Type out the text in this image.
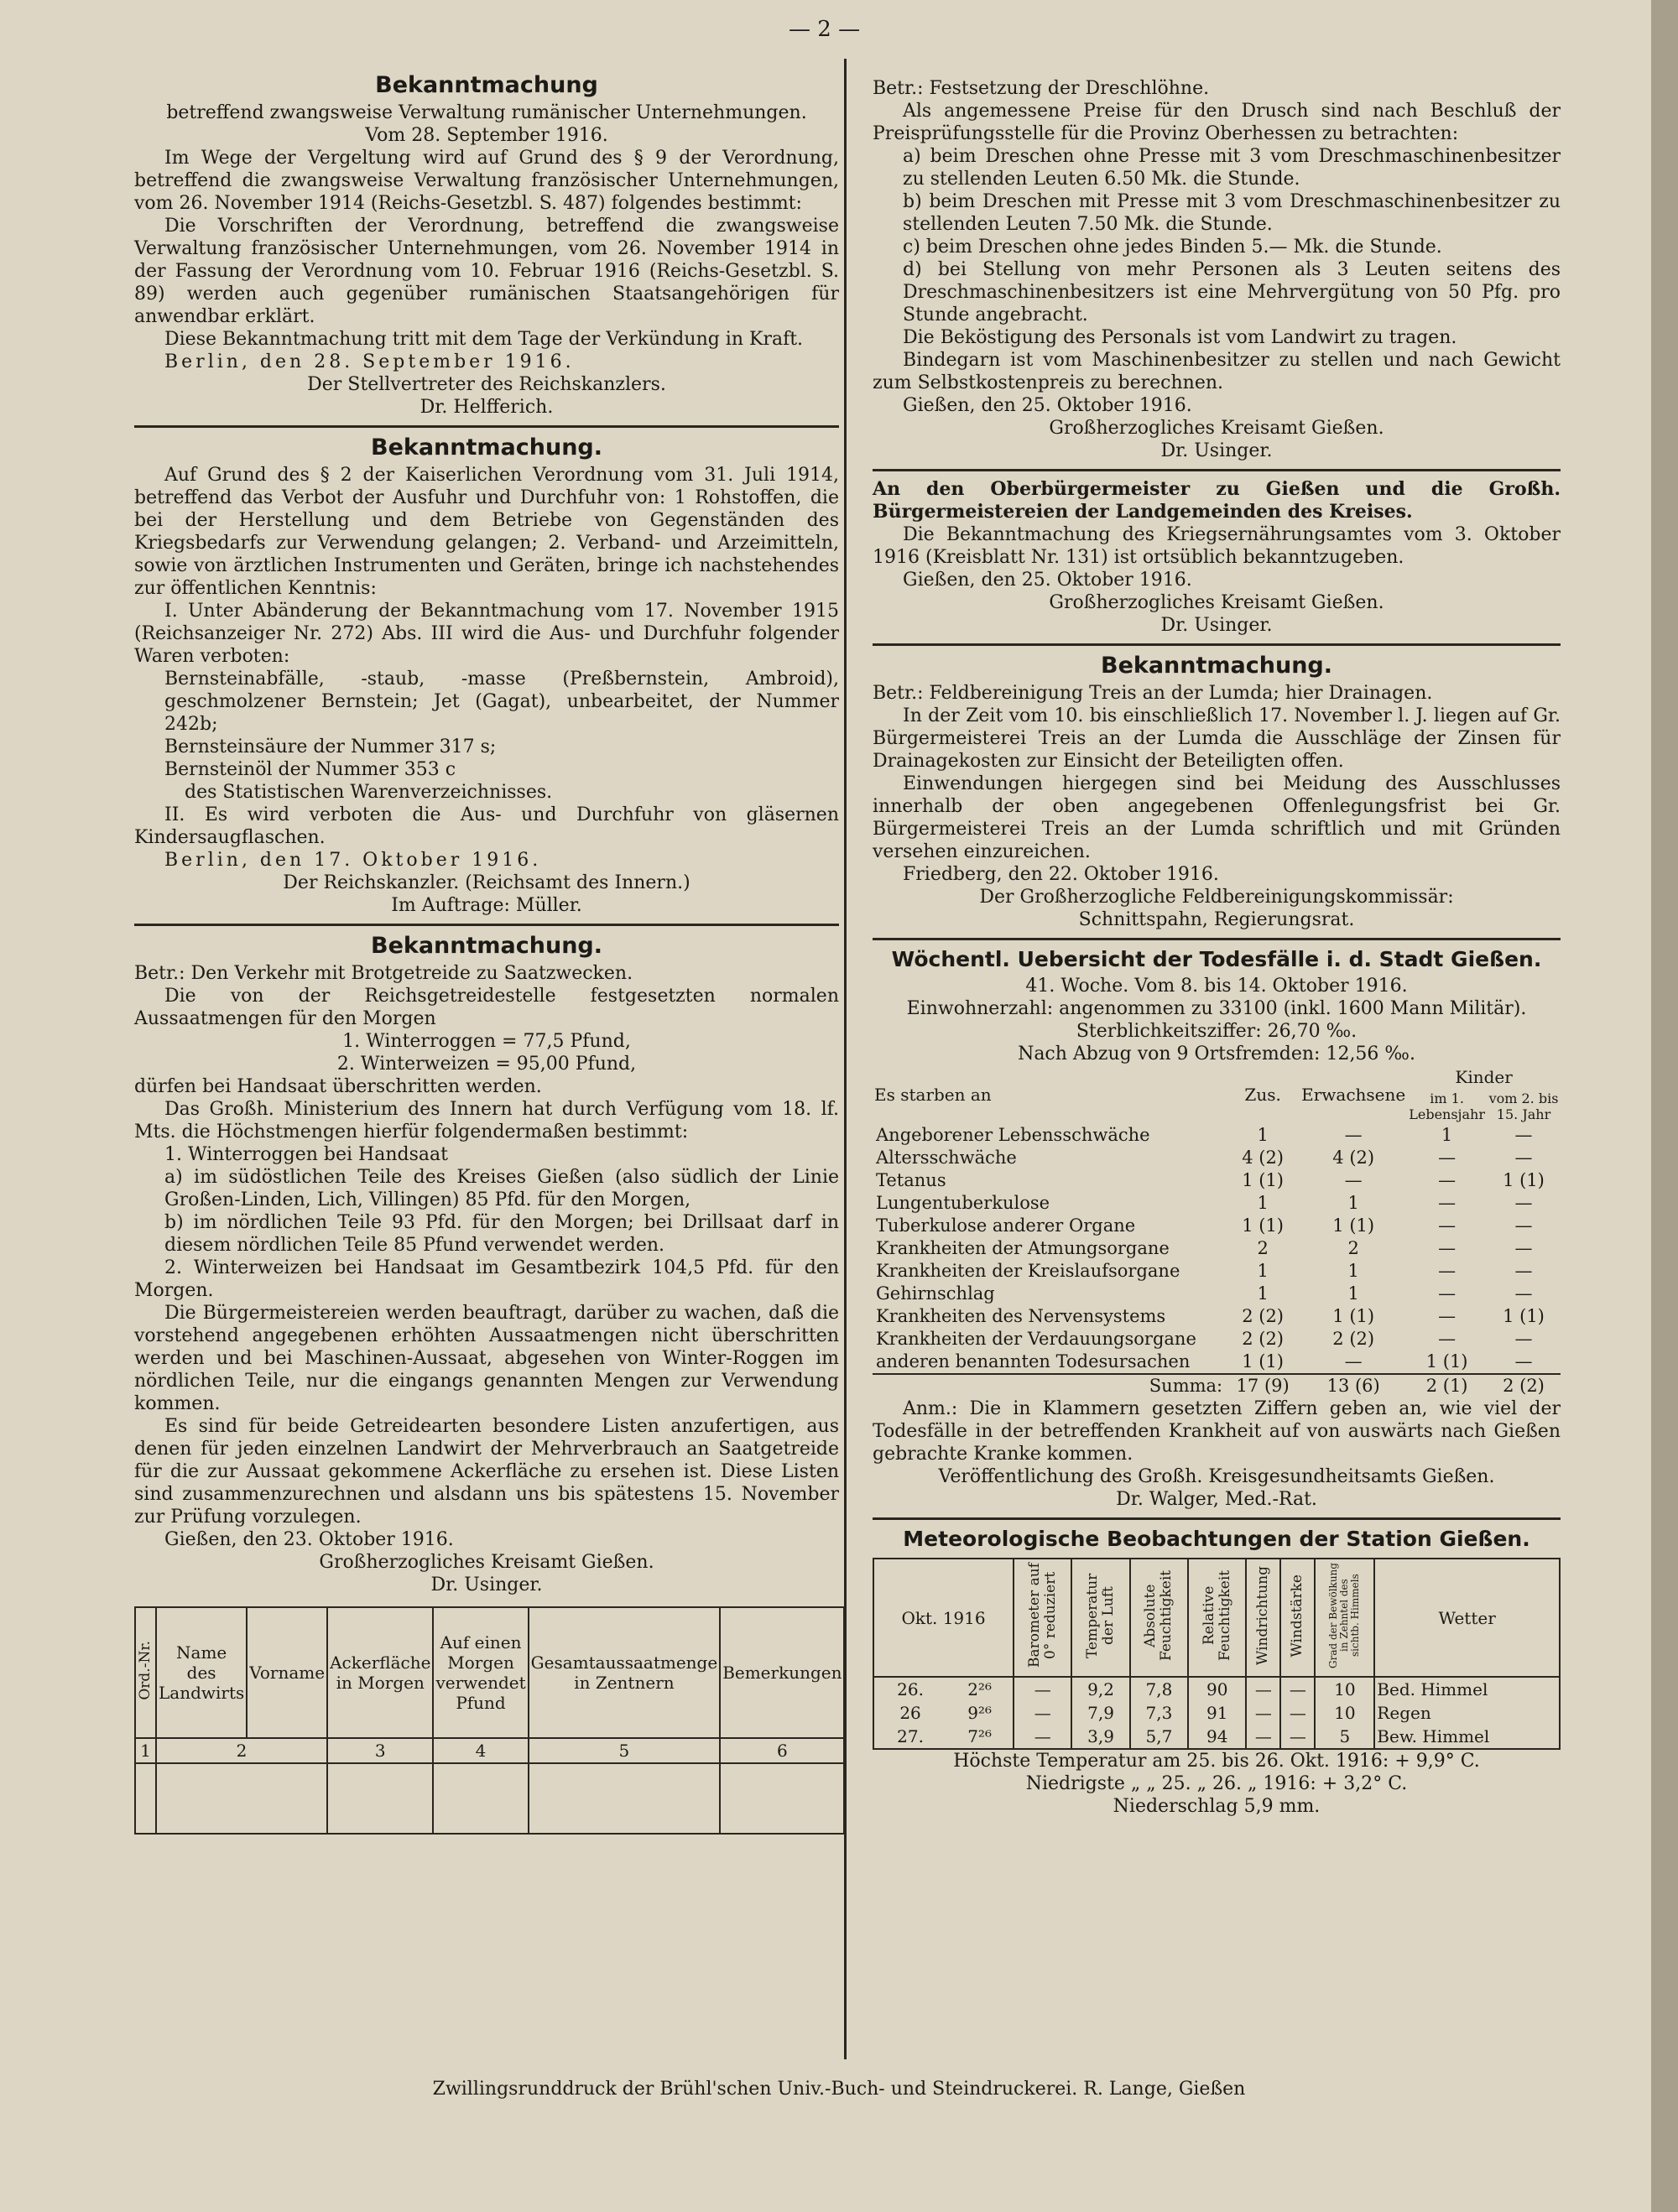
— 2 —
Bekanntmachung
betreffend zwangsweise Verwaltung rumänischer Unternehmungen.
Vom 28. September 1916.

Im Wege der Vergeltung wird auf Grund des § 9 der Verordnung, betreffend die zwangsweise Verwaltung französischer Unternehmungen, vom 26. November 1914 (Reichs-Gesetzbl. S. 487) folgendes bestimmt:

Die Vorschriften der Verordnung, betreffend die zwangsweise Verwaltung französischer Unternehmungen, vom 26. November 1914 in der Fassung der Verordnung vom 10. Februar 1916 (Reichs-Gesetzbl. S. 89) werden auch gegenüber rumänischen Staatsangehörigen für anwendbar erklärt.

Diese Bekanntmachung tritt mit dem Tage der Verkündung in Kraft.

Berlin, den 28. September 1916.

Der Stellvertreter des Reichskanzlers.
Dr. Helfferich.
Bekanntmachung.

Auf Grund des § 2 der Kaiserlichen Verordnung vom 31. Juli 1914, betreffend das Verbot der Ausfuhr und Durchfuhr von: 1 Rohstoffen, die bei der Herstellung und dem Betriebe von Gegenständen des Kriegsbedarfs zur Verwendung gelangen; 2. Verband- und Arzeimitteln, sowie von ärztlichen Instrumenten und Geräten, bringe ich nachstehendes zur öffentlichen Kenntnis:

I. Unter Abänderung der Bekanntmachung vom 17. November 1915 (Reichsanzeiger Nr. 272) Abs. III wird die Aus- und Durchfuhr folgender Waren verboten:

Bernsteinabfälle, -staub, -masse (Preßbernstein, Ambroid), geschmolzener Bernstein; Jet (Gagat), unbearbeitet, der Nummer 242b;

Bernsteinsäure der Nummer 317 s;

Bernsteinöl der Nummer 353 c

des Statistischen Warenverzeichnisses.

II. Es wird verboten die Aus- und Durchfuhr von gläsernen Kindersaugflaschen.

Berlin, den 17. Oktober 1916.

Der Reichskanzler. (Reichsamt des Innern.)
Im Auftrage: Müller.
Bekanntmachung.

Betr.: Den Verkehr mit Brotgetreide zu Saatzwecken.

Die von der Reichsgetreidestelle festgesetzten normalen Aussaatmengen für den Morgen

1. Winterroggen = 77,5 Pfund,

2. Winterweizen = 95,00 Pfund,

dürfen bei Handsaat überschritten werden.

Das Großh. Ministerium des Innern hat durch Verfügung vom 18. lf. Mts. die Höchstmengen hierfür folgendermaßen bestimmt:

1. Winterroggen bei Handsaat

a) im südöstlichen Teile des Kreises Gießen (also südlich der Linie Großen-Linden, Lich, Villingen) 85 Pfd. für den Morgen,

b) im nördlichen Teile 93 Pfd. für den Morgen; bei Drillsaat darf in diesem nördlichen Teile 85 Pfund verwendet werden.

2. Winterweizen bei Handsaat im Gesamtbezirk 104,5 Pfd. für den Morgen.

Die Bürgermeistereien werden beauftragt, darüber zu wachen, daß die vorstehend angegebenen erhöhten Aussaatmengen nicht überschritten werden und bei Maschinen-Aussaat, abgesehen von Winter-Roggen im nördlichen Teile, nur die eingangs genannten Mengen zur Verwendung kommen.

Es sind für beide Getreidearten besondere Listen anzufertigen, aus denen für jeden einzelnen Landwirt der Mehrverbrauch an Saatgetreide für die zur Aussaat gekommene Ackerfläche zu ersehen ist. Diese Listen sind zusammenzurechnen und alsdann uns bis spätestens 15. November zur Prüfung vorzulegen.

Gießen, den 23. Oktober 1916.

Großherzogliches Kreisamt Gießen.
Dr. Usinger.
Ord.-Nr.	Name
des
Landwirts	Vorname	Ackerfläche in Morgen	Auf einen Morgen verwendet Pfund	Gesamtaussaatmenge in Zentnern	Bemerkungen
1	2		3	4	5	6

Betr.: Festsetzung der Dreschlöhne.

Als angemessene Preise für den Drusch sind nach Beschluß der Preisprüfungsstelle für die Provinz Oberhessen zu betrachten:

a) beim Dreschen ohne Presse mit 3 vom Dreschmaschinenbesitzer zu stellenden Leuten 6.50 Mk. die Stunde.

b) beim Dreschen mit Presse mit 3 vom Dreschmaschinenbesitzer zu stellenden Leuten 7.50 Mk. die Stunde.

c) beim Dreschen ohne jedes Binden 5.— Mk. die Stunde.

d) bei Stellung von mehr Personen als 3 Leuten seitens des Dreschmaschinenbesitzers ist eine Mehrvergütung von 50 Pfg. pro Stunde angebracht.

Die Beköstigung des Personals ist vom Landwirt zu tragen.

Bindegarn ist vom Maschinenbesitzer zu stellen und nach Gewicht zum Selbstkostenpreis zu berechnen.

Gießen, den 25. Oktober 1916.

Großherzogliches Kreisamt Gießen.
Dr. Usinger.

An den Oberbürgermeister zu Gießen und die Großh. Bürgermeistereien der Landgemeinden des Kreises.

Die Bekanntmachung des Kriegsernährungsamtes vom 3. Oktober 1916 (Kreisblatt Nr. 131) ist ortsüblich bekanntzugeben.

Gießen, den 25. Oktober 1916.

Großherzogliches Kreisamt Gießen.
Dr. Usinger.
Bekanntmachung.

Betr.: Feldbereinigung Treis an der Lumda; hier Drainagen.

In der Zeit vom 10. bis einschließlich 17. November l. J. liegen auf Gr. Bürgermeisterei Treis an der Lumda die Ausschläge der Zinsen für Drainagekosten zur Einsicht der Beteiligten offen.

Einwendungen hiergegen sind bei Meidung des Ausschlusses innerhalb der oben angegebenen Offenlegungsfrist bei Gr. Bürgermeisterei Treis an der Lumda schriftlich und mit Gründen versehen einzureichen.

Friedberg, den 22. Oktober 1916.

Der Großherzogliche Feldbereinigungskommissär:
Schnittspahn, Regierungsrat.
Wöchentl. Uebersicht der Todesfälle i. d. Stadt Gießen.
41. Woche. Vom 8. bis 14. Oktober 1916.
Einwohnerzahl: angenommen zu 33100 (inkl. 1600 Mann Militär).
Sterblichkeitsziffer: 26,70 ‰.
Nach Abzug von 9 Ortsfremden: 12,56 ‰.
Es starben an	Zus.	Erwachsene	Kinder	
			im 1. Lebensjahr	vom 2. bis 15. Jahr
Angeborener Lebensschwäche	1	—	1	—
Altersschwäche	4 (2)	4 (2)	—	—
Tetanus	1 (1)	—	—	1 (1)
Lungentuberkulose	1	1	—	—
Tuberkulose anderer Organe	1 (1)	1 (1)	—	—
Krankheiten der Atmungsorgane	2	2	—	—
Krankheiten der Kreislaufsorgane	1	1	—	—
Gehirnschlag	1	1	—	—
Krankheiten des Nervensystems	2 (2)	1 (1)	—	1 (1)
Krankheiten der Verdauungsorgane	2 (2)	2 (2)	—	—
anderen benannten Todesursachen	1 (1)	—	1 (1)	—
Summa:	17 (9)	13 (6)	2 (1)	2 (2)

Anm.: Die in Klammern gesetzten Ziffern geben an, wie viel der Todesfälle in der betreffenden Krankheit auf von auswärts nach Gießen gebrachte Kranke kommen.

Veröffentlichung des Großh. Kreisgesundheitsamts Gießen.
Dr. Walger, Med.-Rat.
Meteorologische Beobachtungen der Station Gießen.
Okt. 1916		Barometer auf 0° reduziert	Temperatur der Luft	Absolute Feuchtigkeit	Relative Feuchtigkeit	Windrichtung	Windstärke	Grad der Bewölkung in Zehntel des sichtb. Himmels	Wetter
26.	2²⁶	—	9,2	7,8	90	—	—	10	Bed. Himmel
26	9²⁶	—	7,9	7,3	91	—	—	10	Regen
27.	7²⁶	—	3,9	5,7	94	—	—	5	Bew. Himmel
Höchste Temperatur am 25. bis 26. Okt. 1916: + 9,9° C.
Niedrigste „ „ 25. „ 26. „ 1916: + 3,2° C.
Niederschlag 5,9 mm.
Zwillingsrunddruck der Brühl'schen Univ.-Buch- und Steindruckerei. R. Lange, Gießen
